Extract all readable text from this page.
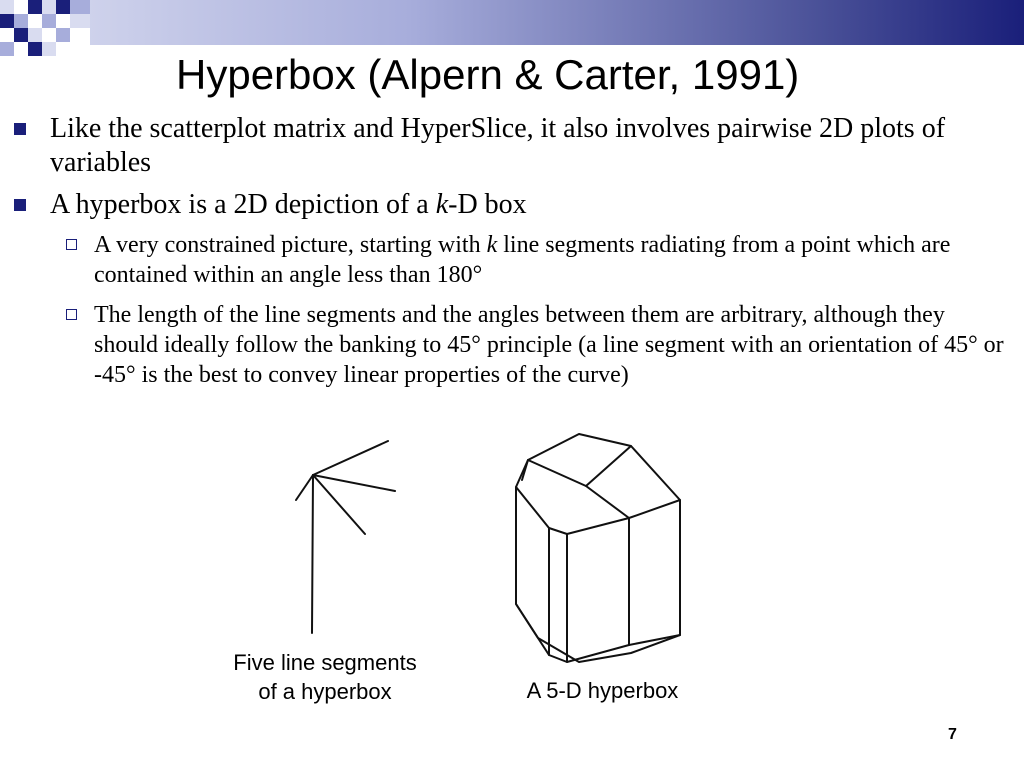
Hyperbox (Alpern & Carter, 1991)
Like the scatterplot matrix and HyperSlice, it also involves pairwise 2D plots of variables
A hyperbox is a 2D depiction of a k-D box
A very constrained picture, starting with k line segments radiating from a point which are contained within an angle less than 180°
The length of the line segments and the angles between them are arbitrary, although they should ideally follow the banking to 45° principle (a line segment with an orientation of 45° or -45° is the best to convey linear properties of the curve)
Five line segments
of a hyperbox	A 5-D hyperbox
7
